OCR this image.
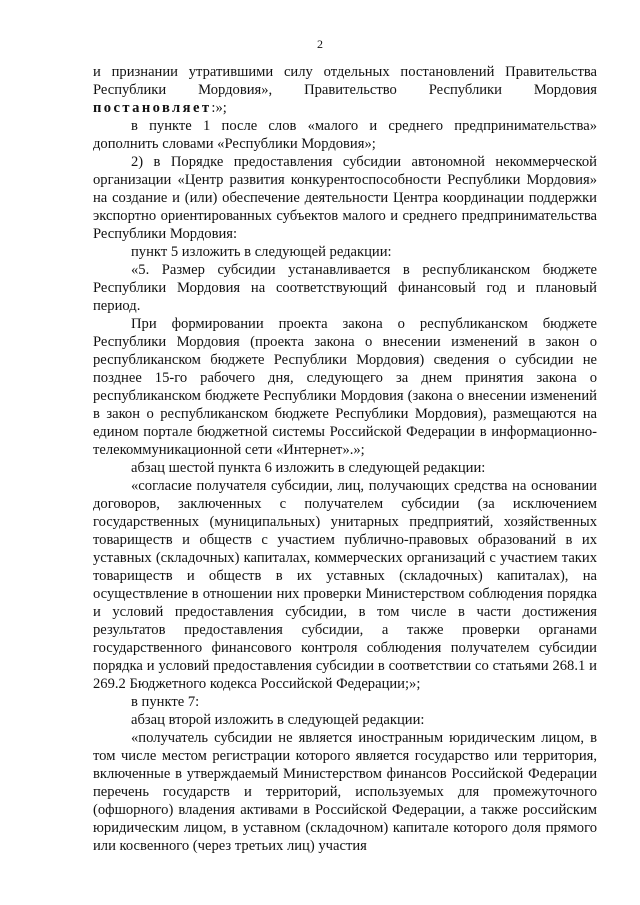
2

и признании утратившими силу отдельных постановлений Правительства Республики Мордовия», Правительство Республики Мордовия постановляет:»;

в пункте 1 после слов «малого и среднего предпринимательства» дополнить словами «Республики Мордовия»;

2) в Порядке предоставления субсидии автономной некоммерческой организации «Центр развития конкурентоспособности Республики Мордовия» на создание и (или) обеспечение деятельности Центра координации поддержки экспортно ориентированных субъектов малого и среднего предпринимательства Республики Мордовия:

пункт 5 изложить в следующей редакции:

«5. Размер субсидии устанавливается в республиканском бюджете Республики Мордовия на соответствующий финансовый год и плановый период.

При формировании проекта закона о республиканском бюджете Республики Мордовия (проекта закона о внесении изменений в закон о республиканском бюджете Республики Мордовия) сведения о субсидии не позднее 15-го рабочего дня, следующего за днем принятия закона о республиканском бюджете Республики Мордовия (закона о внесении изменений в закон о республиканском бюджете Республики Мордовия), размещаются на едином портале бюджетной системы Российской Федерации в информационно-телекоммуникационной сети «Интернет».»;

абзац шестой пункта 6 изложить в следующей редакции:

«согласие получателя субсидии, лиц, получающих средства на основании договоров, заключенных с получателем субсидии (за исключением государственных (муниципальных) унитарных предприятий, хозяйственных товариществ и обществ с участием публично-правовых образований в их уставных (складочных) капиталах, коммерческих организаций с участием таких товариществ и обществ в их уставных (складочных) капиталах), на осуществление в отношении них проверки Министерством соблюдения порядка и условий предоставления субсидии, в том числе в части достижения результатов предоставления субсидии, а также проверки органами государственного финансового контроля соблюдения получателем субсидии порядка и условий предоставления субсидии в соответствии со статьями 268.1 и 269.2 Бюджетного кодекса Российской Федерации;»;

в пункте 7:

абзац второй изложить в следующей редакции:

«получатель субсидии не является иностранным юридическим лицом, в том числе местом регистрации которого является государство или территория, включенные в утверждаемый Министерством финансов Российской Федерации перечень государств и территорий, используемых для промежуточного (офшорного) владения активами в Российской Федерации, а также российским юридическим лицом, в уставном (складочном) капитале которого доля прямого или косвенного (через третьих лиц) участия
